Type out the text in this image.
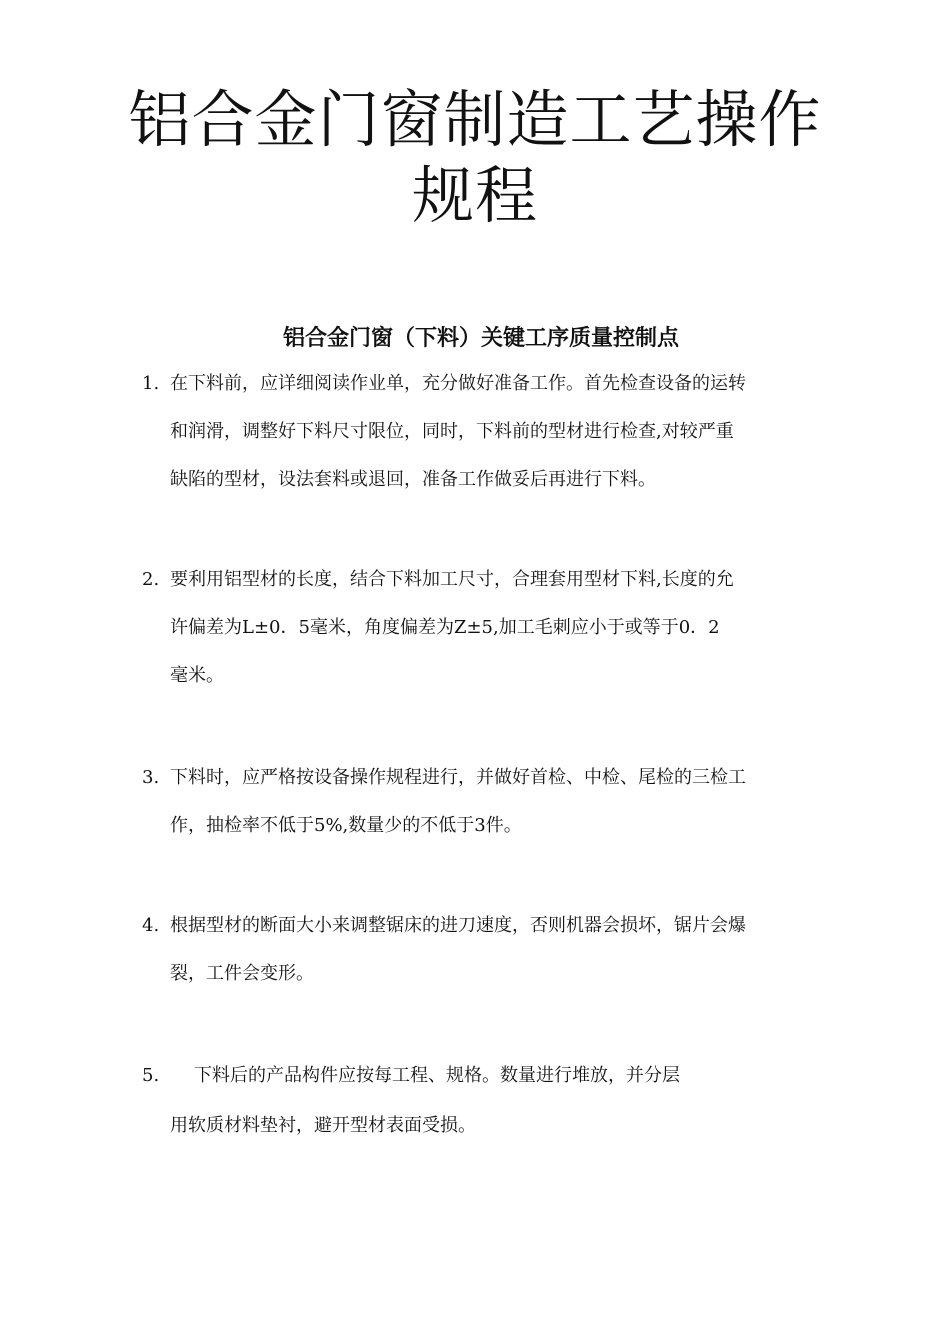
铝合金门窗制造工艺操作
规程
铝合金门窗（下料）关键工序质量控制点
1. 在下料前，应详细阅读作业单，充分做好准备工作。首先检查设备的运转
和润滑，调整好下料尺寸限位，同时，下料前的型材进行检查,对较严重
缺陷的型材，设法套料或退回，准备工作做妥后再进行下料。
2. 要利用铝型材的长度，结合下料加工尺寸，合理套用型材下料,长度的允
许偏差为L±0．5毫米，角度偏差为Z±5,加工毛刺应小于或等于0．2
毫米。
3. 下料时，应严格按设备操作规程进行，并做好首检、中检、尾检的三检工
作，抽检率不低于5%,数量少的不低于3件。
4. 根据型材的断面大小来调整锯床的进刀速度，否则机器会损坏，锯片会爆
裂，工件会变形。
5. 下料后的产品构件应按每工程、规格。数量进行堆放，并分层
用软质材料垫衬，避开型材表面受损。
